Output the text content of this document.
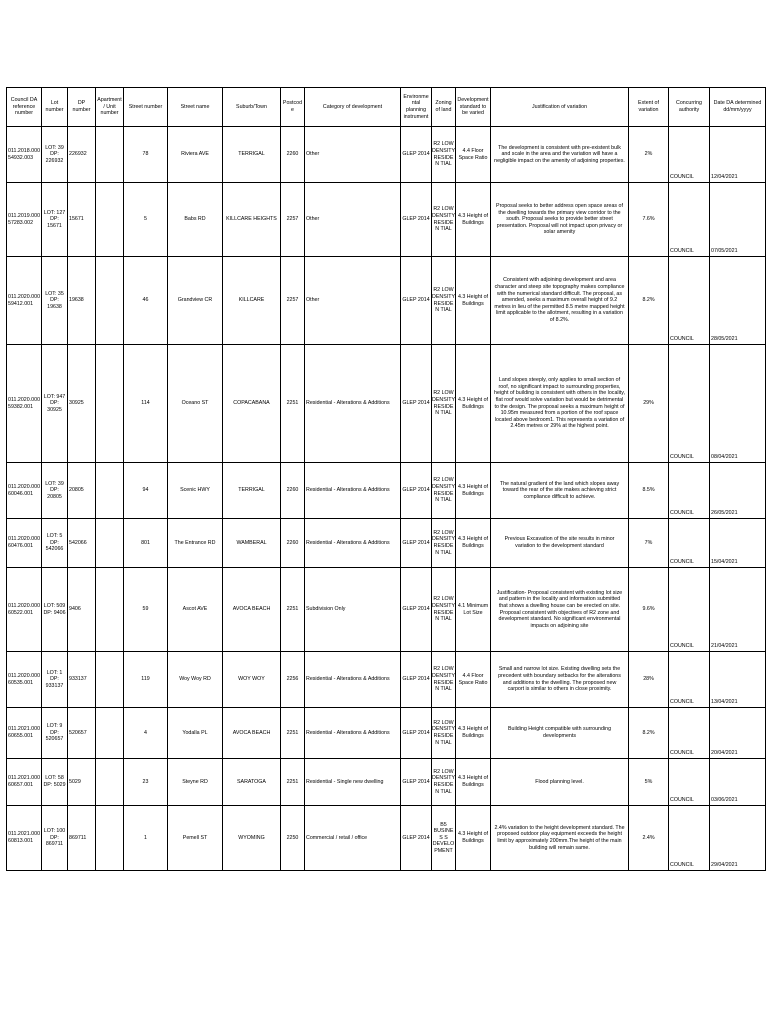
Council DA reference number	Lot number	DP number	Apartment/ Unit number	Street number	Street name	Suburb/Town	Postcode	Category of development	Environmental planning instrument	Zoning of land	Development standard to be varied	Justification of variation	Extent of variation	Concurring authority	Date DA determined dd/mm/yyyy
011.2018.000 54932.003	LOT: 39 DP: 226932	226932		78	Riviera AVE	TERRIGAL	2260	Other	GLEP 2014	R2 LOW DENSITY RESIDEN TIAL	4.4 Floor Space Ratio	The development is consistent with pre-existent bulk and scale in the area and the variation will have a negligible impact on the amenity of adjoining properties.	2%	COUNCIL	12/04/2021
011.2019.000 57283.002	LOT: 127 DP: 15671	15671		5	Babs RD	KILLCARE HEIGHTS	2257	Other	GLEP 2014	R2 LOW DENSITY RESIDEN TIAL	4.3 Height of Buildings	Proposal seeks to better address open space areas of the dwelling towards the primary view corridor to the south. Proposal seeks to provide better street presentation. Proposal will not impact upon privacy or solar amenity	7.6%	COUNCIL	07/05/2021
011.2020.000 59412.001	LOT: 35 DP: 19638	19638		46	Grandview CR	KILLCARE	2257	Other	GLEP 2014	R2 LOW DENSITY RESIDEN TIAL	4.3 Height of Buildings	Consistent with adjoining development and area character and steep site topography makes compliance with the numerical standard difficult. The proposal, as amended, seeks a maximum overall height of 9.2 metres in lieu of the permitted 8.5 metre mapped height limit applicable to the allotment, resulting in a variation of 8.2%.	8.2%	COUNCIL	28/05/2021
011.2020.000 59382.001	LOT: 947 DP: 30925	30925		114	Oceano ST	COPACABANA	2251	Residential - Alterations & Additions	GLEP 2014	R2 LOW DENSITY RESIDEN TIAL	4.3 Height of Buildings	Land slopes steeply, only applies to small section of roof, no significant impact to surrounding properties, height of building is consistent with others in the locality, flat roof would solve variation but would be detrimental to the design. The proposal seeks a maximum height of 10.95m measured from a portion of the roof space located above bedroom1. This represents a variation of 2.45m metres or 29% at the highest point.	29%	COUNCIL	08/04/2021
011.2020.000 60046.001	LOT: 39 DP: 20805	20805		94	Scenic HWY	TERRIGAL	2260	Residential - Alterations & Additions	GLEP 2014	R2 LOW DENSITY RESIDEN TIAL	4.3 Height of Buildings	The natural gradient of the land which slopes away toward the rear of the site makes achieving strict compliance difficult to achieve.	8.5%	COUNCIL	26/05/2021
011.2020.000 60476.001	LOT: 5 DP: 542066	542066		801	The Entrance RD	WAMBERAL	2260	Residential - Alterations & Additions	GLEP 2014	R2 LOW DENSITY RESIDEN TIAL	4.3 Height of Buildings	Previous Excavation of the site results in minor variation to the development standard	7%	COUNCIL	15/04/2021
011.2020.000 60522.001	LOT: 509 DP: 9406	9406		59	Ascot AVE	AVOCA BEACH	2251	Subdivision Only	GLEP 2014	R2 LOW DENSITY RESIDEN TIAL	4.1 Minimum Lot Size	Justification- Proposal consistent with existing lot size and pattern in the locality and information submitted that shows a dwelling house can be erected on site. Proposal consistent with objectives of R2 zone and development standard. No significant environmental impacts on adjoining site	9.6%	COUNCIL	21/04/2021
011.2020.000 60535.001	LOT: 1 DP: 933137	933137		119	Woy Woy RD	WOY WOY	2256	Residential - Alterations & Additions	GLEP 2014	R2 LOW DENSITY RESIDEN TIAL	4.4 Floor Space Ratio	Small and narrow lot size. Existing dwelling sets the precedent with boundary setbacks for the alterations and additions to the dwelling. The proposed new carport is similar to others in close proximity.	28%	COUNCIL	13/04/2021
011.2021.000 60655.001	LOT: 9 DP: 520657	520657		4	Yodalla PL	AVOCA BEACH	2251	Residential - Alterations & Additions	GLEP 2014	R2 LOW DENSITY RESIDEN TIAL	4.3 Height of Buildings	Building Height compatible with surrounding developments	8.2%	COUNCIL	20/04/2021
011.2021.000 60657.001	LOT: 58 DP: 5029	5029		23	Steyne RD	SARATOGA	2251	Residential - Single new dwelling	GLEP 2014	R2 LOW DENSITY RESIDEN TIAL	4.3 Height of Buildings	Flood planning level.	5%	COUNCIL	03/06/2021
011.2021.000 60813.001	LOT: 100 DP: 869711	869711		1	Pemell ST	WYOMING	2250	Commercial / retail / office	GLEP 2014	B5 BUSINES S DEVELO PMENT	4.3 Height of Buildings	2.4% variation to the height development standard. The proposed outdoor play equipment exceeds the height limit by approximately 200mm.The height of the main building will remain same.	2.4%	COUNCIL	29/04/2021
